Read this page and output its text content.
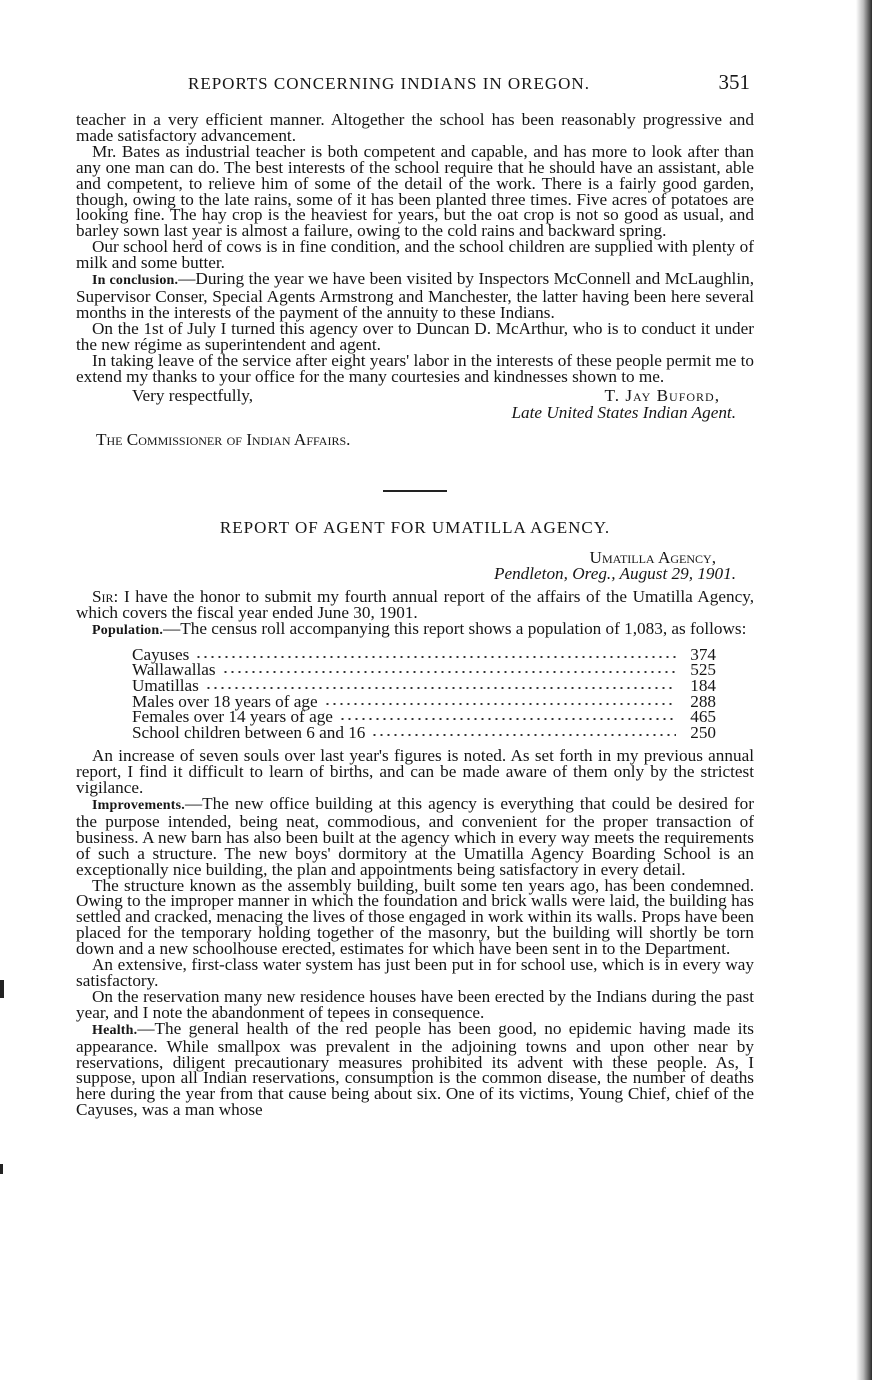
REPORTS CONCERNING INDIANS IN OREGON.	351

teacher in a very efficient manner. Altogether the school has been reasonably progressive and made satisfactory advancement.

Mr. Bates as industrial teacher is both competent and capable, and has more to look after than any one man can do. The best interests of the school require that he should have an assistant, able and competent, to relieve him of some of the detail of the work. There is a fairly good garden, though, owing to the late rains, some of it has been planted three times. Five acres of potatoes are looking fine. The hay crop is the heaviest for years, but the oat crop is not so good as usual, and barley sown last year is almost a failure, owing to the cold rains and backward spring.

Our school herd of cows is in fine condition, and the school children are supplied with plenty of milk and some butter.

In conclusion.—During the year we have been visited by Inspectors McConnell and McLaughlin, Supervisor Conser, Special Agents Armstrong and Manchester, the latter having been here several months in the interests of the payment of the annuity to these Indians.

On the 1st of July I turned this agency over to Duncan D. McArthur, who is to conduct it under the new régime as superintendent and agent.

In taking leave of the service after eight years' labor in the interests of these people permit me to extend my thanks to your office for the many courtesies and kindnesses shown to me.

Very respectfully,	T. Jay Buford,
Late United States Indian Agent.
The Commissioner of Indian Affairs.
REPORT OF AGENT FOR UMATILLA AGENCY.
Umatilla Agency,
Pendleton, Oreg., August 29, 1901.

Sir: I have the honor to submit my fourth annual report of the affairs of the Umatilla Agency, which covers the fiscal year ended June 30, 1901.

Population.—The census roll accompanying this report shows a population of 1,083, as follows:

Cayuses	374
Wallawallas	525
Umatillas	184
Males over 18 years of age	288
Females over 14 years of age	465
School children between 6 and 16	250

An increase of seven souls over last year's figures is noted. As set forth in my previous annual report, I find it difficult to learn of births, and can be made aware of them only by the strictest vigilance.

Improvements.—The new office building at this agency is everything that could be desired for the purpose intended, being neat, commodious, and convenient for the proper transaction of business. A new barn has also been built at the agency which in every way meets the requirements of such a structure. The new boys' dormitory at the Umatilla Agency Boarding School is an exceptionally nice building, the plan and appointments being satisfactory in every detail.

The structure known as the assembly building, built some ten years ago, has been condemned. Owing to the improper manner in which the foundation and brick walls were laid, the building has settled and cracked, menacing the lives of those engaged in work within its walls. Props have been placed for the temporary holding together of the masonry, but the building will shortly be torn down and a new schoolhouse erected, estimates for which have been sent in to the Department.

An extensive, first-class water system has just been put in for school use, which is in every way satisfactory.

On the reservation many new residence houses have been erected by the Indians during the past year, and I note the abandonment of tepees in consequence.

Health.—The general health of the red people has been good, no epidemic having made its appearance. While smallpox was prevalent in the adjoining towns and upon other near by reservations, diligent precautionary measures prohibited its advent with these people. As, I suppose, upon all Indian reservations, consumption is the common disease, the number of deaths here during the year from that cause being about six. One of its victims, Young Chief, chief of the Cayuses, was a man whose
